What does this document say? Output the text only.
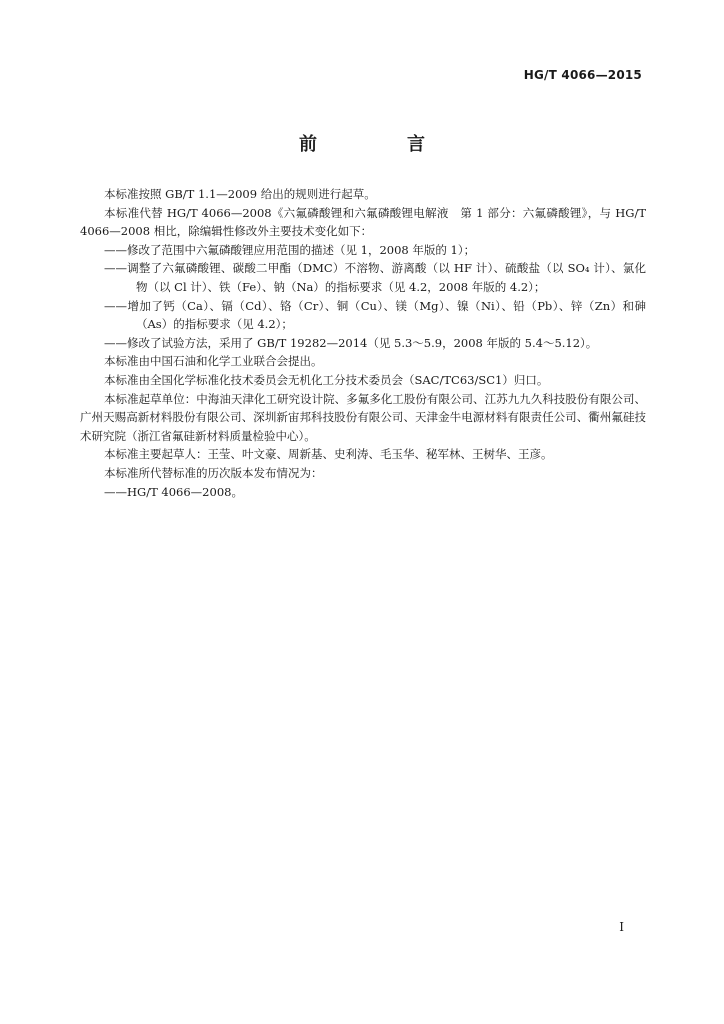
HG/T 4066—2015
前　言

本标准按照 GB/T 1.1—2009 给出的规则进行起草。

本标准代替 HG/T 4066—2008《六氟磷酸锂和六氟磷酸锂电解液　第 1 部分：六氟磷酸锂》，与 HG/T 4066—2008 相比，除编辑性修改外主要技术变化如下：

——修改了范围中六氟磷酸锂应用范围的描述（见 1，2008 年版的 1）；

——调整了六氟磷酸锂、碳酸二甲酯（DMC）不溶物、游离酸（以 HF 计）、硫酸盐（以 SO₄ 计）、氯化物（以 Cl 计）、铁（Fe）、钠（Na）的指标要求（见 4.2，2008 年版的 4.2）；

——增加了钙（Ca）、镉（Cd）、铬（Cr）、铜（Cu）、镁（Mg）、镍（Ni）、铅（Pb）、锌（Zn）和砷（As）的指标要求（见 4.2）；

——修改了试验方法，采用了 GB/T 19282—2014（见 5.3～5.9，2008 年版的 5.4～5.12）。

本标准由中国石油和化学工业联合会提出。

本标准由全国化学标准化技术委员会无机化工分技术委员会（SAC/TC63/SC1）归口。

本标准起草单位：中海油天津化工研究设计院、多氟多化工股份有限公司、江苏九九久科技股份有限公司、广州天赐高新材料股份有限公司、深圳新宙邦科技股份有限公司、天津金牛电源材料有限责任公司、衢州氟硅技术研究院（浙江省氟硅新材料质量检验中心）。

本标准主要起草人：王莹、叶文豪、周新基、史利涛、毛玉华、秘军林、王树华、王彦。

本标准所代替标准的历次版本发布情况为：

——HG/T 4066—2008。

I
